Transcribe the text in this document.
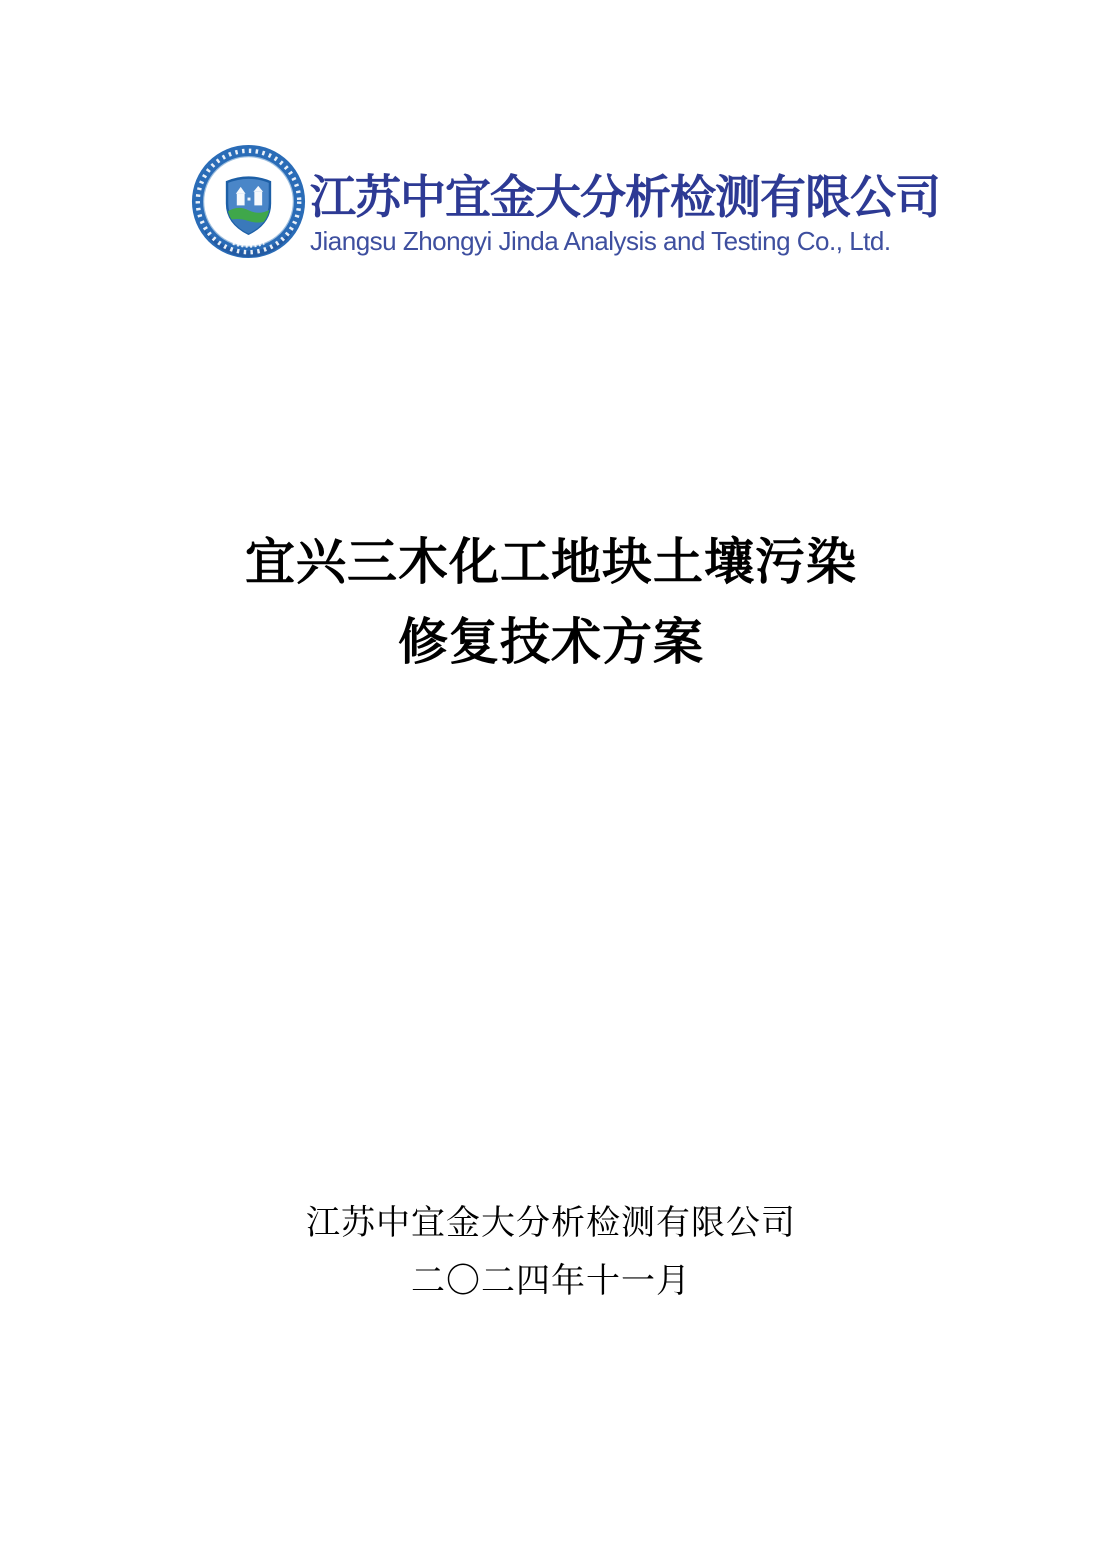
江苏中宜金大分析检测有限公司
Jiangsu Zhongyi Jinda Analysis and Testing Co., Ltd.
宜兴三木化工地块土壤污染
修复技术方案
江苏中宜金大分析检测有限公司
二〇二四年十一月
